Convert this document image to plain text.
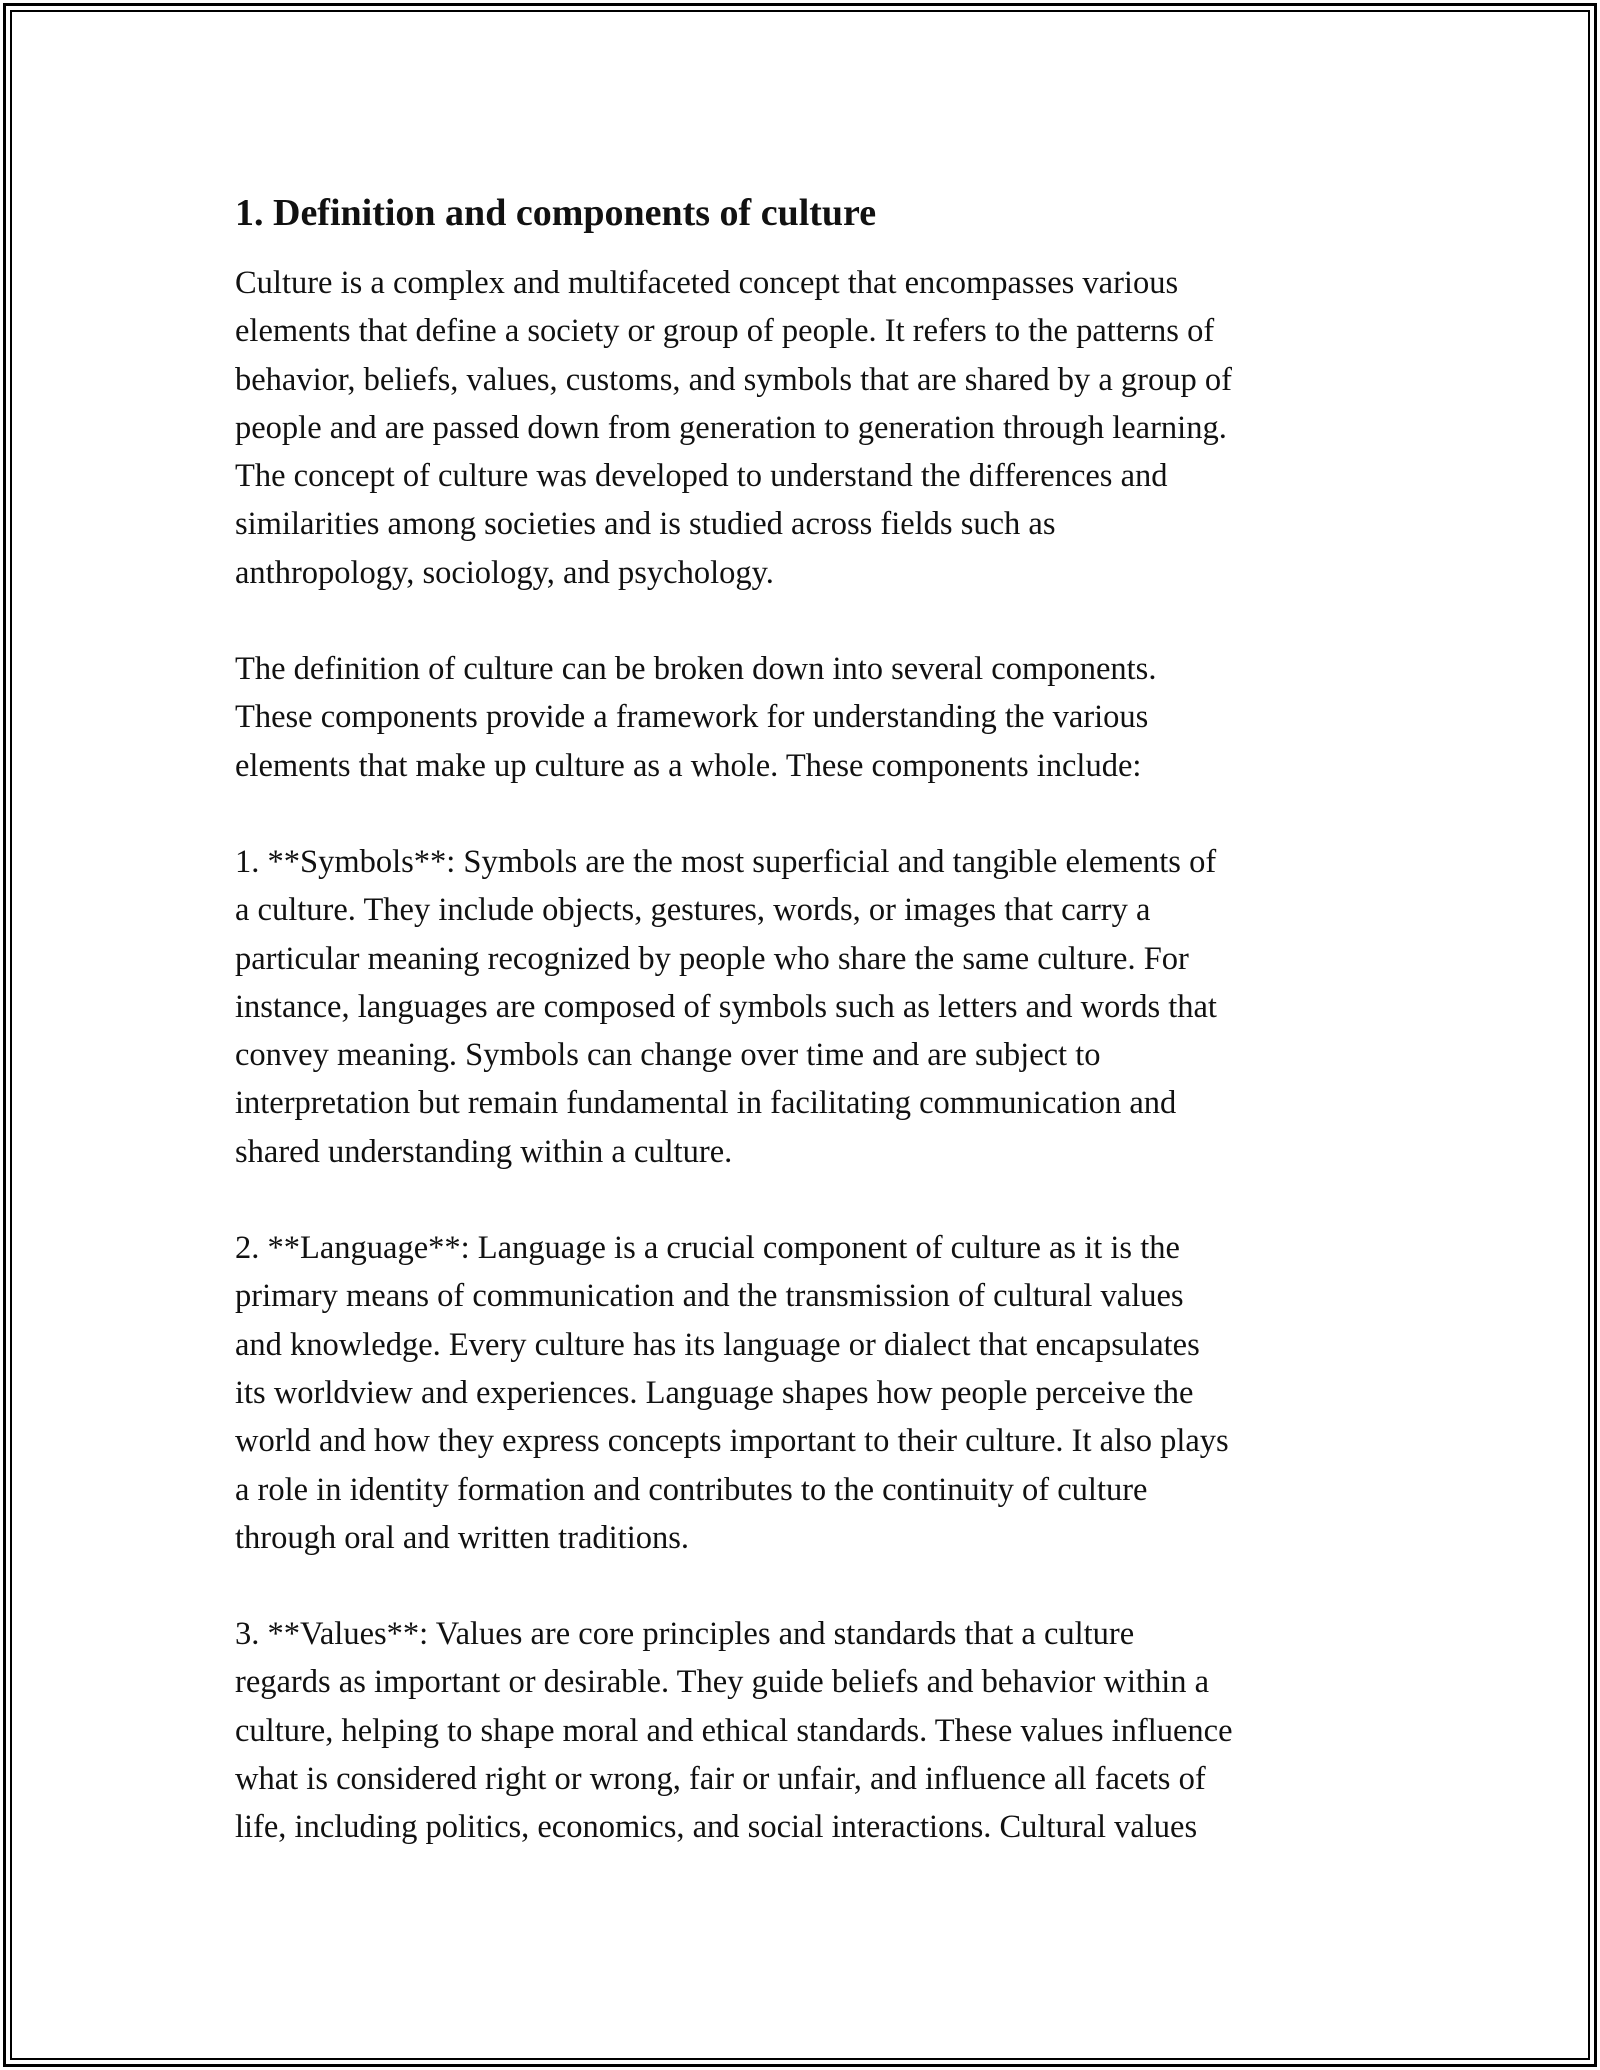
1. Definition and components of culture

Culture is a complex and multifaceted concept that encompasses various
elements that define a society or group of people. It refers to the patterns of
behavior, beliefs, values, customs, and symbols that are shared by a group of
people and are passed down from generation to generation through learning.
The concept of culture was developed to understand the differences and
similarities among societies and is studied across fields such as
anthropology, sociology, and psychology.

The definition of culture can be broken down into several components.
These components provide a framework for understanding the various
elements that make up culture as a whole. These components include:

1. **Symbols**: Symbols are the most superficial and tangible elements of
a culture. They include objects, gestures, words, or images that carry a
particular meaning recognized by people who share the same culture. For
instance, languages are composed of symbols such as letters and words that
convey meaning. Symbols can change over time and are subject to
interpretation but remain fundamental in facilitating communication and
shared understanding within a culture.

2. **Language**: Language is a crucial component of culture as it is the
primary means of communication and the transmission of cultural values
and knowledge. Every culture has its language or dialect that encapsulates
its worldview and experiences. Language shapes how people perceive the
world and how they express concepts important to their culture. It also plays
a role in identity formation and contributes to the continuity of culture
through oral and written traditions.

3. **Values**: Values are core principles and standards that a culture
regards as important or desirable. They guide beliefs and behavior within a
culture, helping to shape moral and ethical standards. These values influence
what is considered right or wrong, fair or unfair, and influence all facets of
life, including politics, economics, and social interactions. Cultural values
